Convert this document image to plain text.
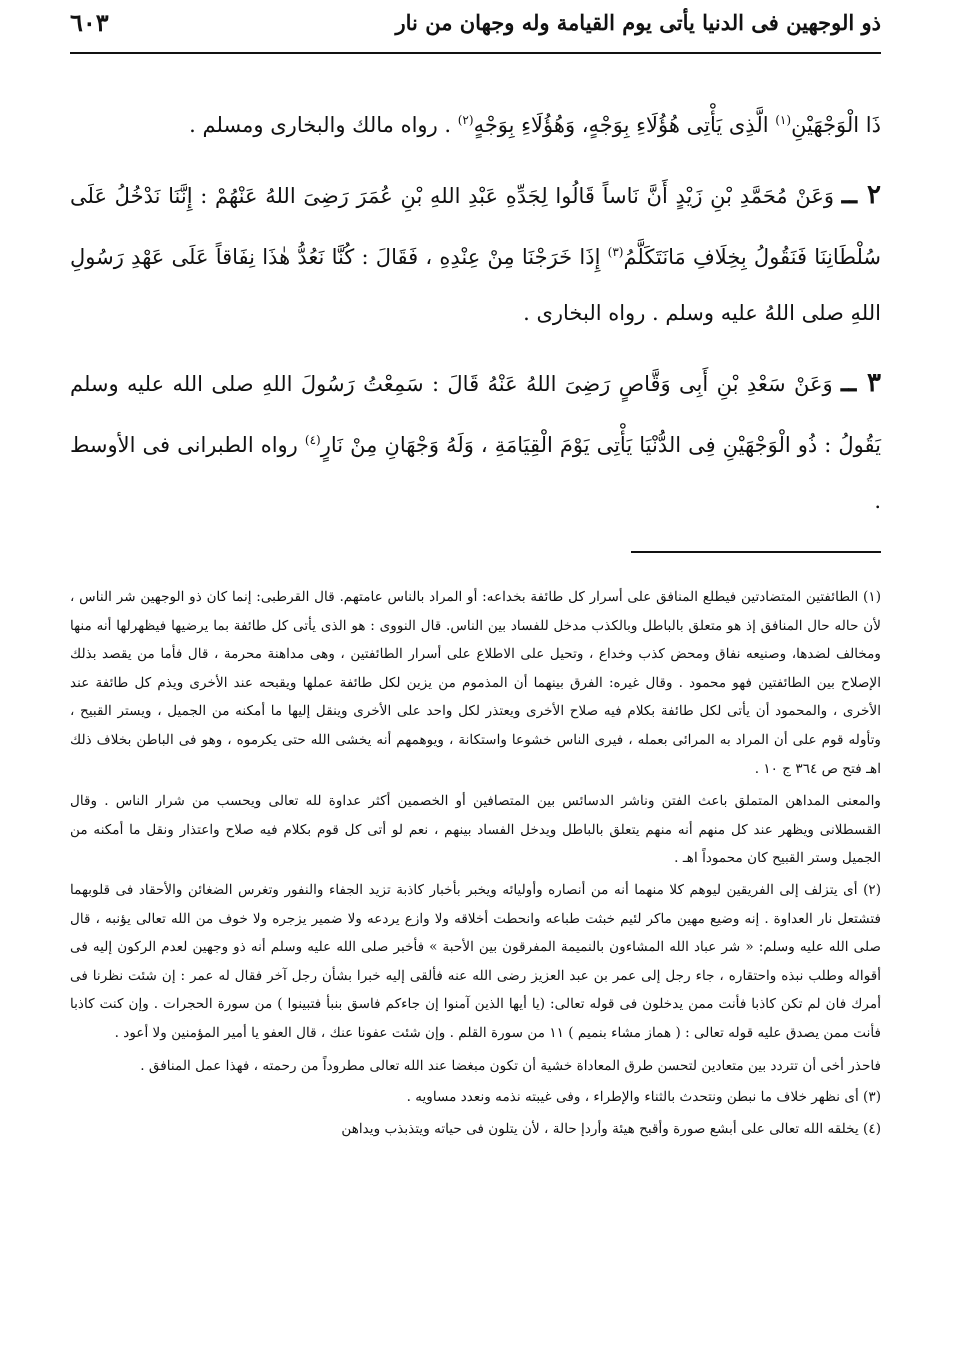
ذو الوجهين فى الدنيا يأتى يوم القيامة وله وجهان من نار
٦٠٣

ذَا الْوَجْهَيْنِ$^{(١)}$ الَّذِى يَأْتِى هُؤُلَاءِ بِوَجْهٍ، وَهُؤُلَاءِ بِوَجْهٍ$^{(٢)}$ . رواه مالك والبخارى ومسلم .

٢ ــ وَعَنْ مُحَمَّدِ بْنِ زَيْدٍ أَنَّ نَاساً قَالُوا لِجَدِّهِ عَبْدِ اللهِ بْنِ عُمَرَ رَضِىَ اللهُ عَنْهُمْ : إِنَّنَا نَدْخُلُ عَلَى سُلْطَانِنَا فَنَقُولُ بِخِلَافِ مَانَتَكَلَّمُ$^{(٣)}$ إِذَا خَرَجْنَا مِنْ عِنْدِهِ ، فَقَالَ : كُنَّا نَعُدُّ هٰذَا نِفَاقاً عَلَى عَهْدِ رَسُولِ اللهِ صلى اللهُ عليه وسلم . رواه البخارى .

٣ ــ وَعَنْ سَعْدِ بْنِ أَبِى وَقَّاصٍ رَضِىَ اللهُ عَنْهُ قَالَ : سَمِعْتُ رَسُولَ اللهِ صلى الله عليه وسلم يَقُولُ : ذُو الْوَجْهَيْنِ فِى الدُّنْيَا يَأْتِى يَوْمَ الْقِيَامَةِ ، وَلَهُ وَجْهَانِ مِنْ نَارٍ$^{(٤)}$ رواه الطبرانى فى الأوسط .

(١) الطائفتين المتضادتين فيطلع المنافق على أسرار كل طائفة بخداعه: أو المراد بالناس عامتهم. قال القرطبى: إنما كان ذو الوجهين شر الناس ، لأن حاله حال المنافق إذ هو متعلق بالباطل وبالكذب مدخل للفساد بين الناس. قال النووى : هو الذى يأتى كل طائفة بما يرضيها فيظهرلها أنه منها ومخالف لضدها، وصنيعه نفاق ومحض كذب وخداع ، وتحيل على الاطلاع على أسرار الطائفتين ، وهى مداهنة محرمة ، قال فأما من يقصد بذلك الإصلاح بين الطائفتين فهو محمود . وقال غيره: الفرق بينهما أن المذموم من يزين لكل طائفة عملها ويقبحه عند الأخرى ويذم كل طائفة عند الأخرى ، والمحمود أن يأتى لكل طائفة بكلام فيه صلاح الأخرى ويعتذر لكل واحد على الأخرى وينقل إليها ما أمكنه من الجميل ، ويستر القبيح ، وتأوله قوم على أن المراد به المرائى بعمله ، فيرى الناس خشوعا واستكانة ، ويوهمهم أنه يخشى الله حتى يكرموه ، وهو فى الباطن بخلاف ذلك اهـ فتح ص ٣٦٤ ج ١٠ .

والمعنى المداهن المتملق باعث الفتن وناشر الدسائس بين المتصافين أو الخصمين أكثر عداوة لله تعالى ويحسب من شرار الناس . وقال القسطلانى ويظهر عند كل منهم أنه منهم يتعلق بالباطل ويدخل الفساد بينهم ، نعم لو أتى كل قوم بكلام فيه صلاح واعتذار ونقل ما أمكنه من الجميل وستر القبيح كان محموداً اهـ .

(٢) أى يتزلف إلى الفريقين ليوهم كلا منهما أنه من أنصاره وأوليائه ويخبر بأخبار كاذبة تزيد الجفاء والنفور وتغرس الضغائن والأحقاد فى قلوبهما فتشتعل نار العداوة . إنه وضيع مهين ماكر لئيم خبثت طباعه وانحطت أخلاقه ولا وازع يردعه ولا ضمير يزجره ولا خوف من الله تعالى يؤنبه ، قال صلى الله عليه وسلم: « شر عباد الله المشاءون بالنميمة المفرقون بين الأحبة » فأخبر صلى الله عليه وسلم أنه ذو وجهين لعدم الركون إليه فى أقواله وطلب نبذه واحتقاره ، جاء رجل إلى عمر بن عبد العزيز رضى الله عنه فألقى إليه خبرا بشأن رجل آخر فقال له عمر : إن شئت نظرنا فى أمرك فان لم تكن كاذبا فأنت ممن يدخلون فى قوله تعالى: (يا أيها الذين آمنوا إن جاءكم فاسق بنبأ فتبينوا ) من سورة الحجرات . وإن كنت كاذبا فأنت ممن يصدق عليه قوله تعالى : ( هماز مشاء بنميم ) ١١ من سورة القلم . وإن شئت عفونا عنك ، قال العفو يا أمير المؤمنين ولا أعود .

فاحذر أخى أن تتردد بين متعادين لتحسن طرق المعاداة خشية أن تكون مبغضا عند الله تعالى مطروداً من رحمته ، فهذا عمل المنافق .

(٣) أى نظهر خلاف ما نبطن ونتحدث بالثناء والإطراء ، وفى غيبته نذمه ونعدد مساويه .

(٤) يخلقه الله تعالى على أبشع صورة وأقبح هيئة وأردإ حالة ، لأن يتلون فى حياته ويتذبذب ويداهن
